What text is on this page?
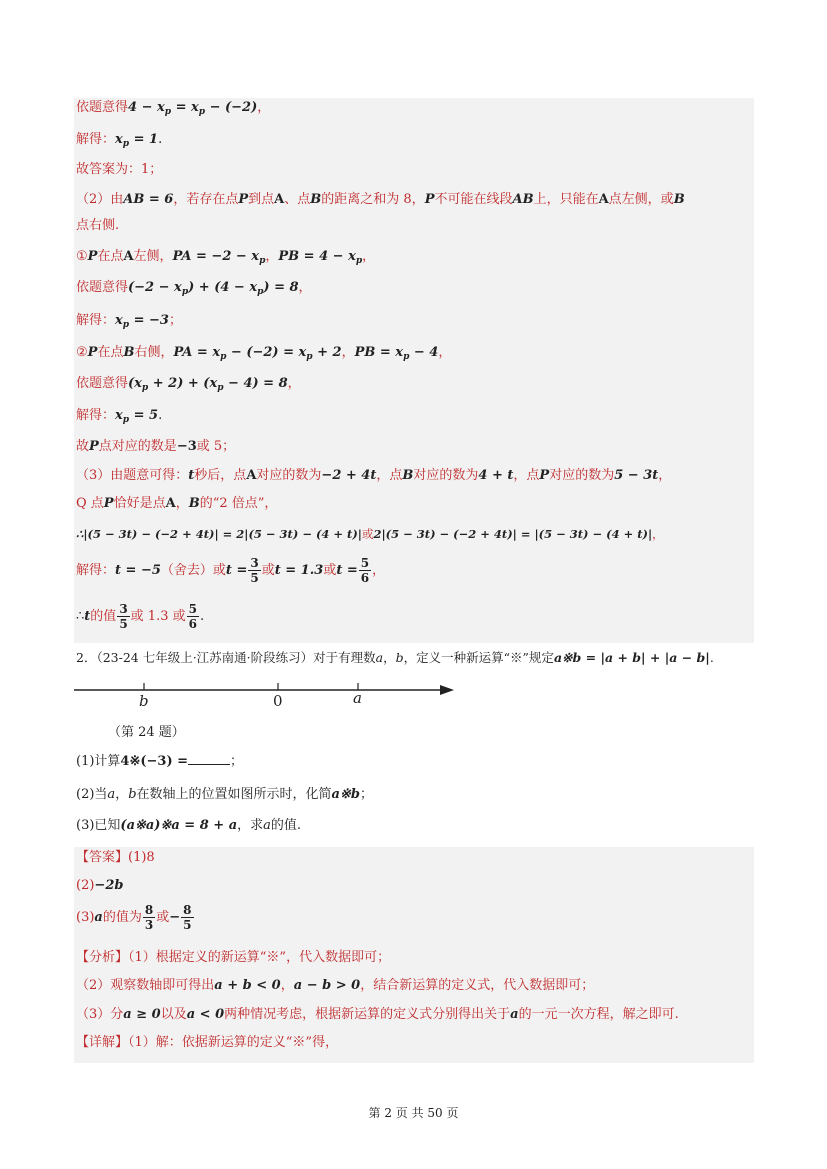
依题意得$4 - x_p = x_p - (-2)$，
解得：$x_p = 1$.
故答案为：1；
（2）由AB = 6，若存在点P到点A、点B的距离之和为 8，P不可能在线段AB上，只能在A点左侧，或B
点右侧.
①P在点A左侧，PA = $-2 - x_p$，PB = $4 - x_p$，
依题意得$(-2 - x_p) + (4 - x_p) = 8$，
解得：$x_p = -3$；
②P在点B右侧，PA = $x_p - (-2) = x_p + 2$，PB = $x_p - 4$，
依题意得$(x_p + 2) + (x_p - 4) = 8$，
解得：$x_p = 5$.
故P点对应的数是−3或 5；
（3）由题意可得：t秒后，点A对应的数为−2 + 4t，点B对应的数为4 + t，点P对应的数为5 − 3t，
Q 点P恰好是点A，B的“2 倍点”，
∴|(5 − 3t) − (−2 + 4t)| = 2|(5 − 3t) − (4 + t)|或2|(5 − 3t) − (−2 + 4t)| = |(5 − 3t) − (4 + t)|，
解得：t = −5（舍去）或$t = \frac{3}{5}$ 或t = 1.3或$t = \frac{5}{6}$ ，
∴t的值 $\frac{3}{5}$ 或 1.3 或 $\frac{5}{6}$ .
2．（23-24 七年级上·江苏南通·阶段练习）对于有理数a，b，定义一种新运算“※”规定a※b = |a + b| + |a − b|.
b	0	a
（第 24 题）
(1)计算4※(−3) =	；
(2)当a，b在数轴上的位置如图所示时，化简a※b；
(3)已知(a※a)※a = 8 + a，求a的值.
【答案】(1)8
(2)−2b
(3)a的值为 $\frac{8}{3}$ 或− $\frac{8}{5}$
【分析】（1）根据定义的新运算“※”，代入数据即可；
（2）观察数轴即可得出a + b < 0，a − b > 0，结合新运算的定义式，代入数据即可；
（3）分a ≥ 0以及a < 0两种情况考虑，根据新运算的定义式分别得出关于a的一元一次方程，解之即可.
【详解】（1）解：依据新运算的定义“※”得，
第 2 页 共 50 页
